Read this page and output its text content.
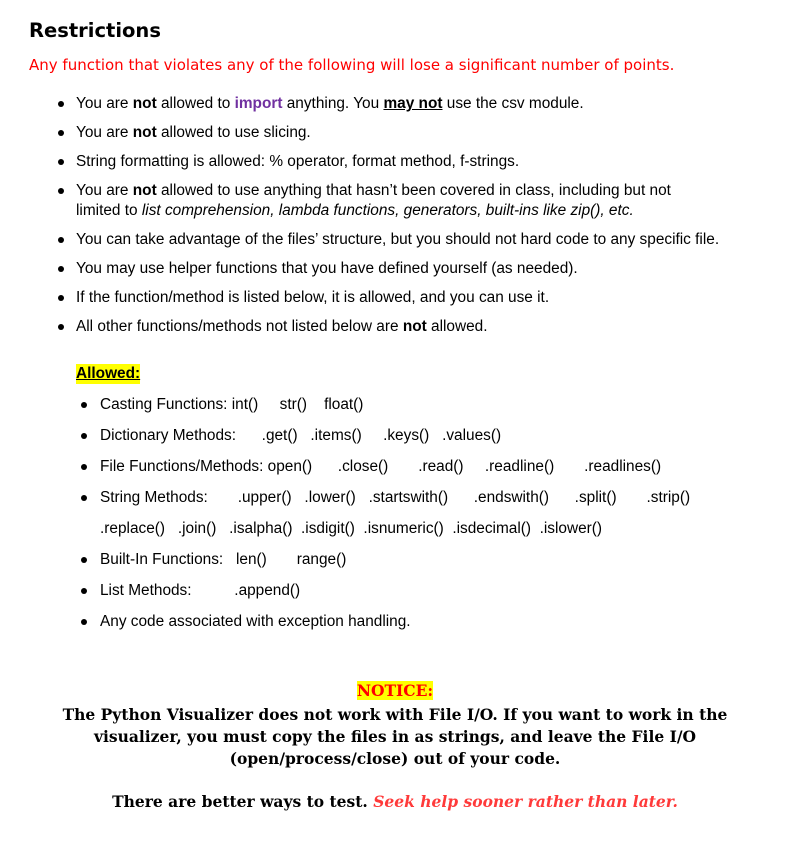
Restrictions
Any function that violates any of the following will lose a significant number of points.
You are not allowed to import anything. You may not use the csv module.
You are not allowed to use slicing.
String formatting is allowed: % operator, format method, f-strings.
You are not allowed to use anything that hasn’t been covered in class, including but not
limited to list comprehension, lambda functions, generators, built-ins like zip(), etc.
You can take advantage of the files’ structure, but you should not hard code to any specific file.
You may use helper functions that you have defined yourself (as needed).
If the function/method is listed below, it is allowed, and you can use it.
All other functions/methods not listed below are not allowed.
Allowed:
Casting Functions: int()     str()    float()
Dictionary Methods:      .get()   .items()     .keys()   .values()
File Functions/Methods: open()      .close()       .read()     .readline()       .readlines()
String Methods:       .upper()   .lower()   .startswith()      .endswith()      .split()       .strip()
.replace()   .join()   .isalpha()  .isdigit()  .isnumeric()  .isdecimal()  .islower()
Built-In Functions:   len()       range()
List Methods:          .append()
Any code associated with exception handling.
NOTICE:
The Python Visualizer does not work with File I/O. If you want to work in the
visualizer, you must copy the files in as strings, and leave the File I/O
(open/process/close) out of your code.
There are better ways to test. Seek help sooner rather than later.
